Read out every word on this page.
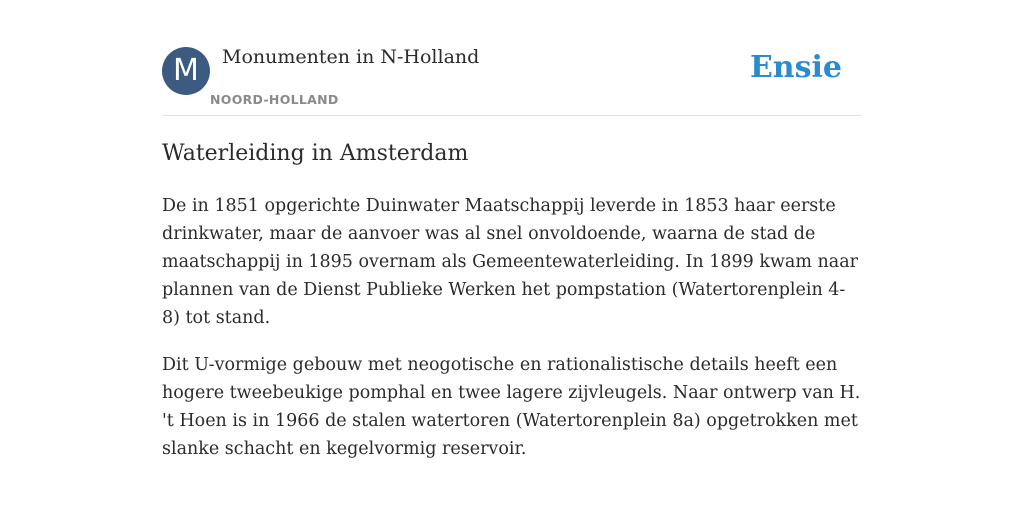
M	Monumenten in N-Holland
NOORD-HOLLAND
Ensie
Waterleiding in Amsterdam

De in 1851 opgerichte Duinwater Maatschappij leverde in 1853 haar eerste drinkwater, maar de aanvoer was al snel onvoldoende, waarna de stad de maatschappij in 1895 overnam als Gemeentewaterleiding. In 1899 kwam naar plannen van de Dienst Publieke Werken het pompstation (Watertorenplein 4-8) tot stand.

Dit U-vormige gebouw met neogotische en rationalistische details heeft een hogere tweebeukige pomphal en twee lagere zijvleugels. Naar ontwerp van H. 't Hoen is in 1966 de stalen watertoren (Watertorenplein 8a) opgetrokken met slanke schacht en kegelvormig reservoir.
